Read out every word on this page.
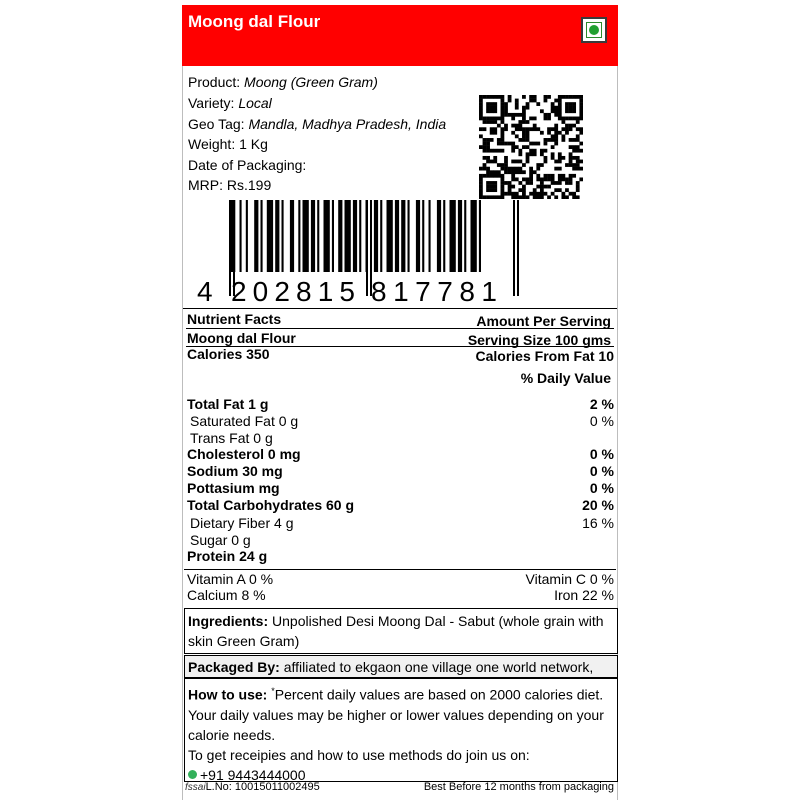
Moong dal Flour
Product: Moong (Green Gram)
Variety: Local
Geo Tag: Mandla, Madhya Pradesh, India
Weight: 1 Kg
Date of Packaging:
MRP: Rs.199
4 202815 817781
Nutrient Facts	Amount Per Serving
Moong dal Flour	Serving Size 100 gms
Calories 350	Calories From Fat 10
% Daily Value
Total Fat 1 g	2 %
Saturated Fat 0 g	0 %
Trans Fat 0 g
Cholesterol 0 mg	0 %
Sodium 30 mg	0 %
Pottasium mg	0 %
Total Carbohydrates 60 g	20 %
Dietary Fiber 4 g	16 %
Sugar 0 g
Protein 24 g
Vitamin A 0 %	Vitamin C 0 %
Calcium 8 %	Iron 22 %
Ingredients: Unpolished Desi Moong Dal - Sabut (whole grain with skin Green Gram)
Packaged By: affiliated to ekgaon one village one world network,
How to use: *Percent daily values are based on 2000 calories diet. Your daily values may be higher or lower values depending on your calorie needs.
To get receipies and how to use methods do join us on:
+91 9443444000
fssaiL.No: 10015011002495	Best Before 12 months from packaging
